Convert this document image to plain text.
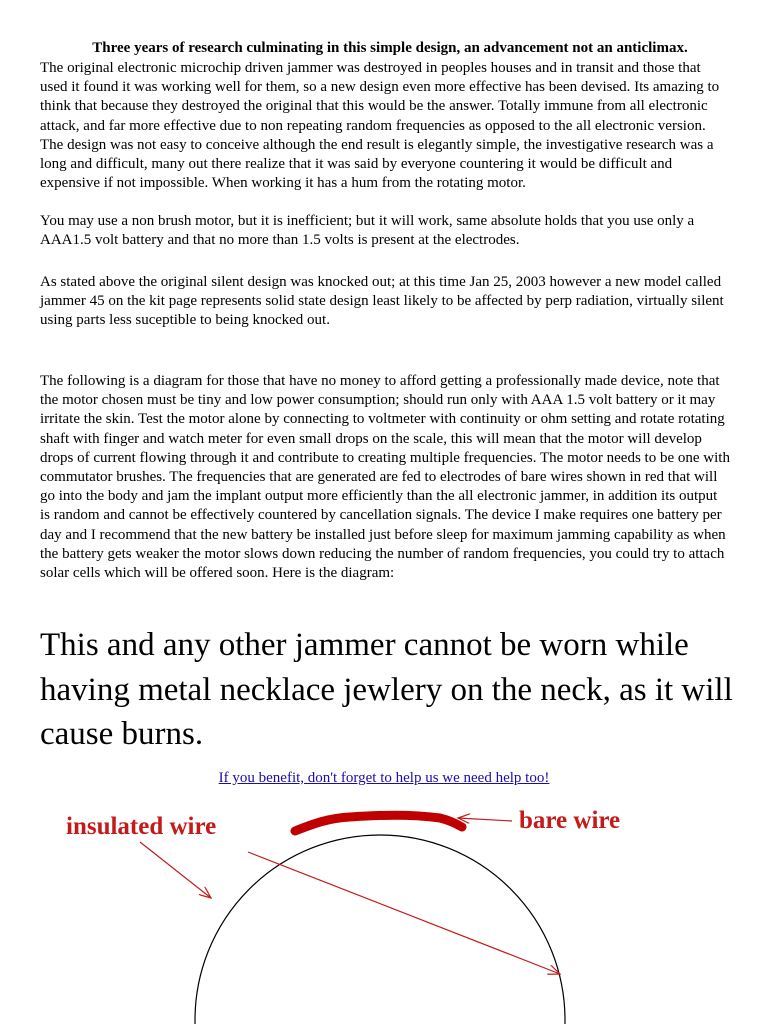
Three years of research culminating in this simple design, an advancement not an anticlimax.

The original electronic microchip driven jammer was destroyed in peoples houses and in transit and those that used it found it was working well for them, so a new design even more effective has been devised. Its amazing to think that because they destroyed the original that this would be the answer. Totally immune from all electronic attack, and far more effective due to non repeating random frequencies as opposed to the all electronic version. The design was not easy to conceive although the end result is elegantly simple, the investigative research was a long and difficult, many out there realize that it was said by everyone countering it would be difficult and expensive if not impossible. When working it has a hum from the rotating motor.

You may use a non brush motor, but it is inefficient; but it will work, same absolute holds that you use only a AAA1.5 volt battery and that no more than 1.5 volts is present at the electrodes.

As stated above the original silent design was knocked out; at this time Jan 25, 2003 however a new model called jammer 45 on the kit page represents solid state design least likely to be affected by perp radiation, virtually silent using parts less suceptible to being knocked out.

The following is a diagram for those that have no money to afford getting a professionally made device, note that the motor chosen must be tiny and low power consumption; should run only with AAA 1.5 volt battery or it may irritate the skin. Test the motor alone by connecting to voltmeter with continuity or ohm setting and rotate rotating shaft with finger and watch meter for even small drops on the scale, this will mean that the motor will develop drops of current flowing through it and contribute to creating multiple frequencies. The motor needs to be one with commutator brushes. The frequencies that are generated are fed to electrodes of bare wires shown in red that will go into the body and jam the implant output more efficiently than the all electronic jammer, in addition its output is random and cannot be effectively countered by cancellation signals. The device I make requires one battery per day and I recommend that the new battery be installed just before sleep for maximum jamming capability as when the battery gets weaker the motor slows down reducing the number of random frequencies, you could try to attach solar cells which will be offered soon. Here is the diagram:

This and any other jammer cannot be worn while having metal necklace jewlery on the neck, as it will cause burns.

If you benefit, don't forget to help us we need help too!
insulated wire	bare wire
